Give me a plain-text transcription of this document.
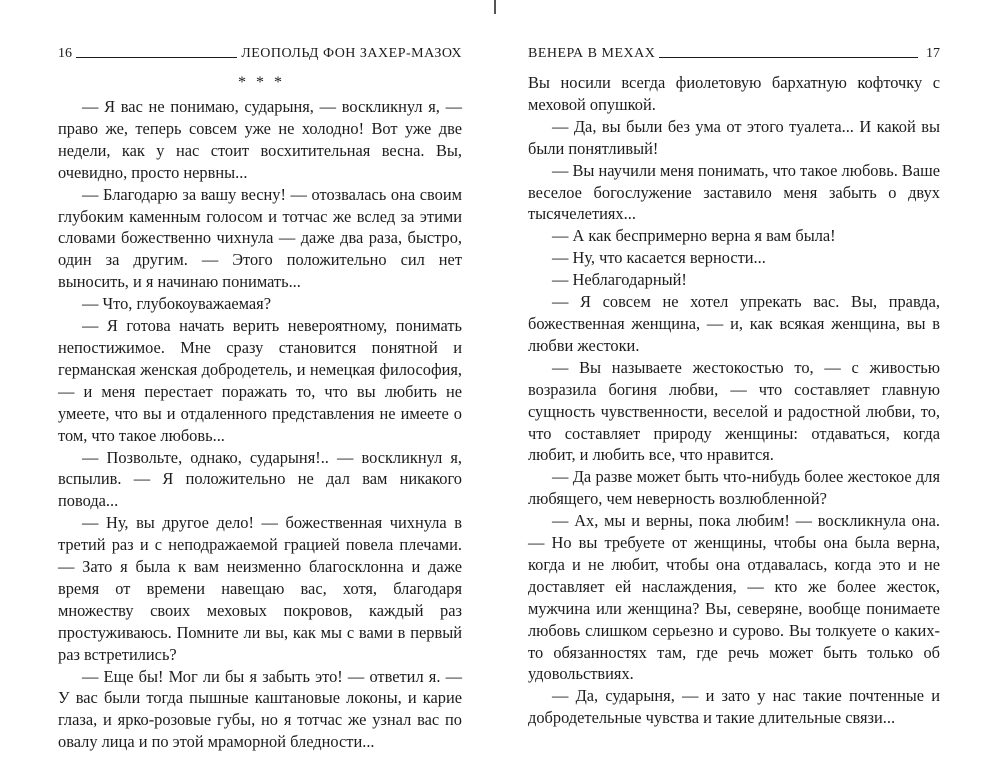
16	ЛЕОПОЛЬД ФОН ЗАХЕР-МАЗОХ
* * *

— Я вас не понимаю, сударыня, — воскликнул я, — право же, теперь совсем уже не холодно! Вот уже две недели, как у нас стоит восхитительная весна. Вы, очевидно, просто нервны...

— Благодарю за вашу весну! — отозвалась она своим глубоким каменным голосом и тотчас же вслед за этими словами божественно чихнула — даже два раза, быстро, один за другим. — Этого положительно сил нет выносить, и я начинаю понимать...

— Что, глубокоуважаемая?

— Я готова начать верить невероятному, понимать непостижимое. Мне сразу становится понятной и германская женская добродетель, и немецкая философия, — и меня перестает поражать то, что вы любить не умеете, что вы и отдаленного представления не имеете о том, что такое любовь...

— Позвольте, однако, сударыня!.. — воскликнул я, вспылив. — Я положительно не дал вам никакого повода...

— Ну, вы другое дело! — божественная чихнула в третий раз и с неподражаемой грацией повела плечами. — Зато я была к вам неизменно благосклонна и даже время от времени навещаю вас, хотя, благодаря множеству своих меховых покровов, каждый раз простуживаюсь. Помните ли вы, как мы с вами в первый раз встретились?

— Еще бы! Мог ли бы я забыть это! — ответил я. — У вас были тогда пышные каштановые локоны, и карие глаза, и ярко-розовые губы, но я тотчас же узнал вас по овалу лица и по этой мраморной бледности...

ВЕНЕРА В МЕХАХ	17

Вы носили всегда фиолетовую бархатную кофточку с меховой опушкой.

— Да, вы были без ума от этого туалета... И какой вы были понятливый!

— Вы научили меня понимать, что такое любовь. Ваше веселое богослужение заставило меня забыть о двух тысячелетиях...

— А как беспримерно верна я вам была!

— Ну, что касается верности...

— Неблагодарный!

— Я совсем не хотел упрекать вас. Вы, правда, божественная женщина, — и, как всякая женщина, вы в любви жестоки.

— Вы называете жестокостью то, — с живостью возразила богиня любви, — что составляет главную сущность чувственности, веселой и радостной любви, то, что составляет природу женщины: отдаваться, когда любит, и любить все, что нравится.

— Да разве может быть что-нибудь более жестокое для любящего, чем неверность возлюбленной?

— Ах, мы и верны, пока любим! — воскликнула она. — Но вы требуете от женщины, чтобы она была верна, когда и не любит, чтобы она отдавалась, когда это и не доставляет ей наслаждения, — кто же более жесток, мужчина или женщина? Вы, северяне, вообще понимаете любовь слишком серьезно и сурово. Вы толкуете о каких-то обязанностях там, где речь может быть только об удовольствиях.

— Да, сударыня, — и зато у нас такие почтенные и добродетельные чувства и такие длительные связи...
